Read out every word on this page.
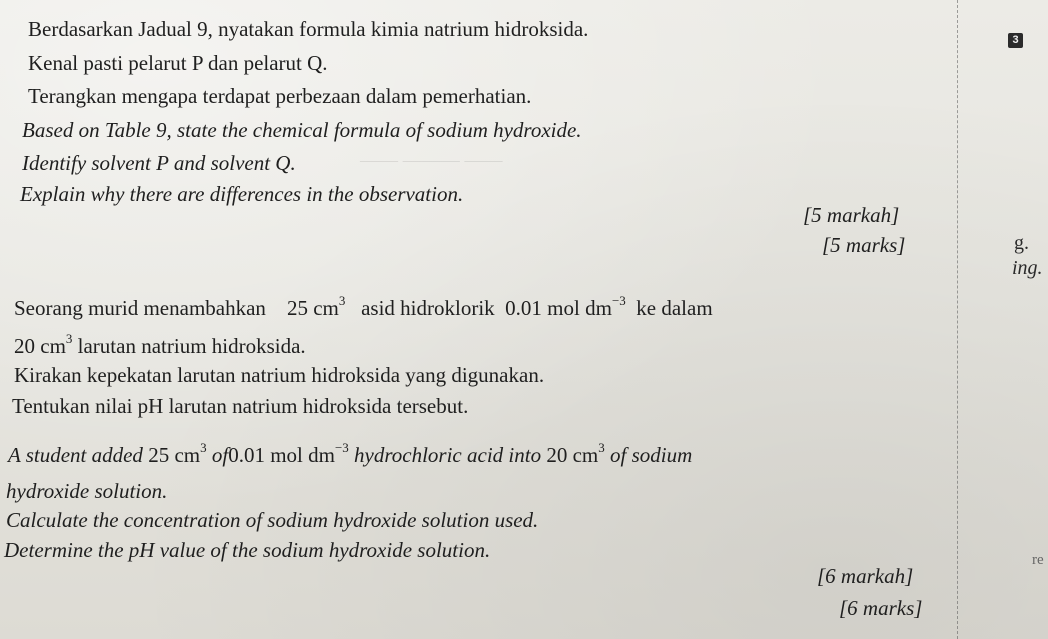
Berdasarkan Jadual 9, nyatakan formula kimia natrium hidroksida.
Kenal pasti pelarut P dan pelarut Q.
Terangkan mengapa terdapat perbezaan dalam pemerhatian.
Based on Table 9, state the chemical formula of sodium hydroxide.
Identify solvent P and solvent Q.
Explain why there are differences in the observation.
[5 markah]
[5 marks]
Seorang murid menambahkan 25 $cm^3$ asid hidroklorik 0.01 mol $dm^{-3}$ ke dalam
20 $cm^3$ larutan natrium hidroksida.
Kirakan kepekatan larutan natrium hidroksida yang digunakan.
Tentukan nilai pH larutan natrium hidroksida tersebut.
A student added 25 $cm^3$ of0.01 mol $dm^{-3}$ hydrochloric acid into 20 $cm^3$ of sodium
hydroxide solution.
Calculate the concentration of sodium hydroxide solution used.
Determine the pH value of the sodium hydroxide solution.
[6 markah]
[6 marks]
3
g.
ing.
re
—— ——— ——
